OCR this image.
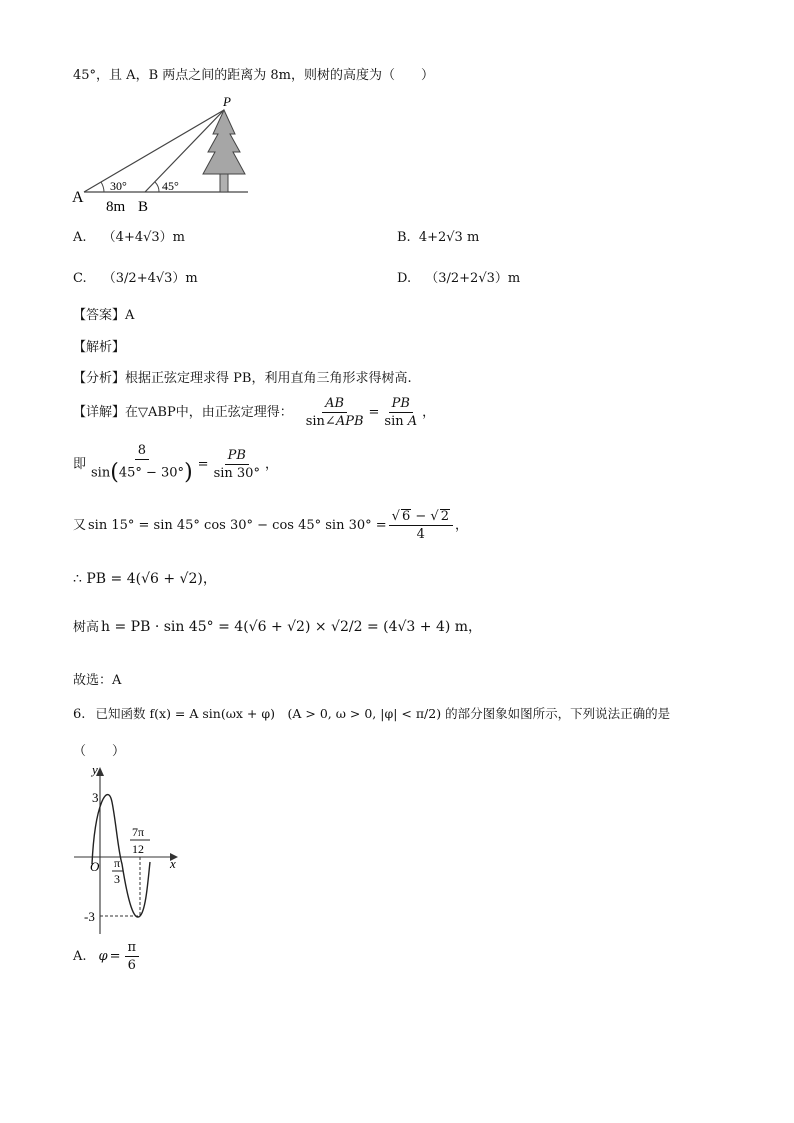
45°，且 A，B 两点之间的距离为 8m，则树的高度为（　　）
A
B
P
30°	45°
8m
A. （4+4√3）m	B. 4+2√3 m
C. （3/2+4√3）m	D. （3/2+2√3）m
【答案】A
【解析】
【分析】根据正弦定理求得 PB，利用直角三角形求得树高.
【详解】 在▽ABP中，由正弦定理得： $\frac{AB}{\text{sin∠APB}} = \frac{PB}{\text{sin A}}$ ，
即 $\frac{8}{\sin(45^\circ - 30^\circ)} = \frac{PB}{\sin 30^\circ}$ ，
又 sin 15° = sin 45° cos 30° − cos 45° $\sin 30^\circ = \frac{√ 6 - √ 2}{4}$ ，
∴ PB = 4(√6 + √2)，
树高 h = PB · sin 45° = 4(√6 + √2) × √2/2 = (4√3 + 4) m，
故选：A
6. 已知函数 f(x) = A sin(ωx + φ)　(A > 0, ω > 0, |φ| < π/2) 的部分图象如图所示，下列说法正确的是
（　　）
y
x
O
3
-3
π
3
7π
12
A. $\varphi = \frac{\pi}{6}$
